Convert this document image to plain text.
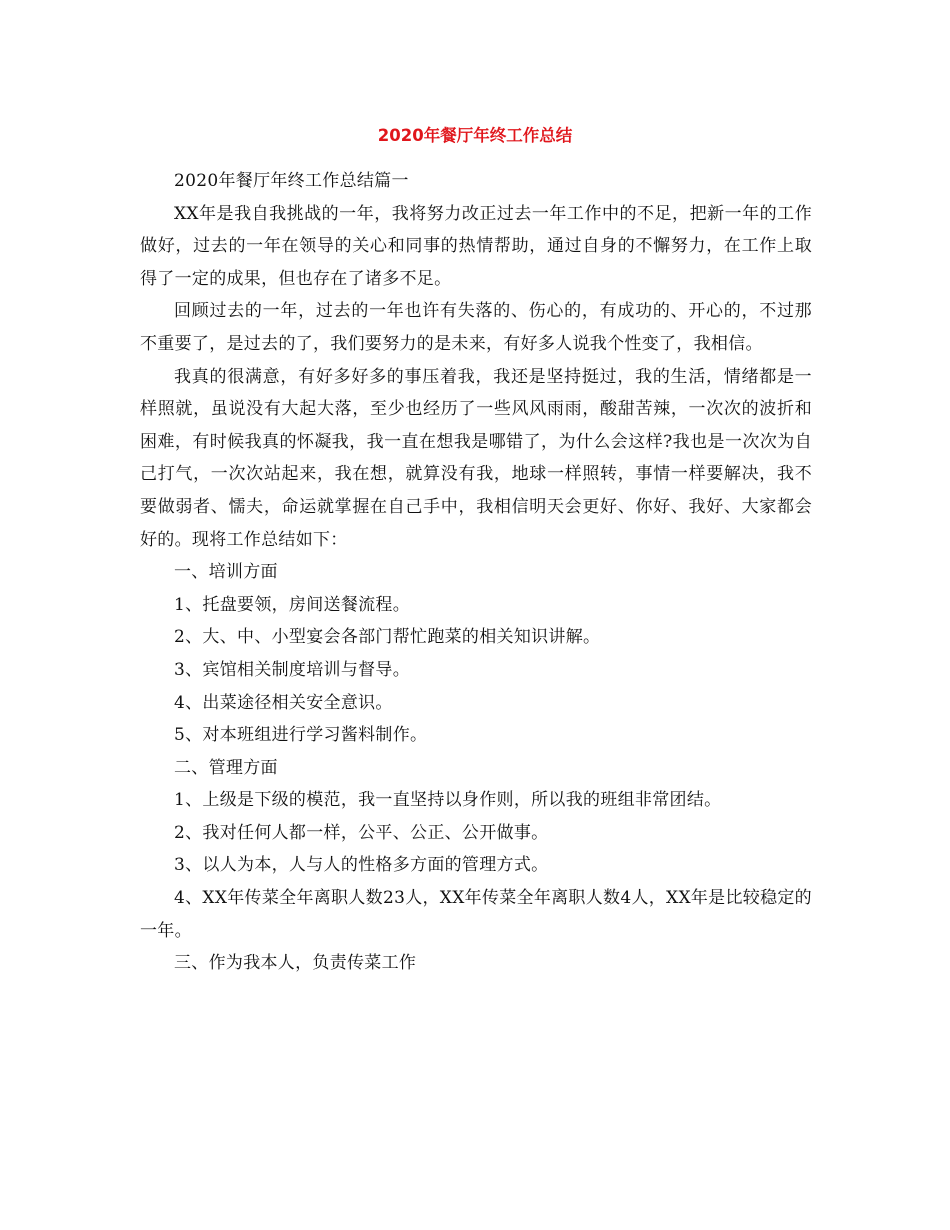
2020年餐厅年终工作总结

2020年餐厅年终工作总结篇一

XX年是我自我挑战的一年，我将努力改正过去一年工作中的不足，把新一年的工作做好，过去的一年在领导的关心和同事的热情帮助，通过自身的不懈努力，在工作上取得了一定的成果，但也存在了诸多不足。

回顾过去的一年，过去的一年也许有失落的、伤心的，有成功的、开心的，不过那不重要了，是过去的了，我们要努力的是未来，有好多人说我个性变了，我相信。

我真的很满意，有好多好多的事压着我，我还是坚持挺过，我的生活，情绪都是一样照就，虽说没有大起大落，至少也经历了一些风风雨雨，酸甜苦辣，一次次的波折和困难，有时候我真的怀凝我，我一直在想我是哪错了，为什么会这样?我也是一次次为自己打气，一次次站起来，我在想，就算没有我，地球一样照转，事情一样要解决，我不要做弱者、懦夫，命运就掌握在自己手中，我相信明天会更好、你好、我好、大家都会好的。现将工作总结如下：

一、培训方面

1、托盘要领，房间送餐流程。

2、大、中、小型宴会各部门帮忙跑菜的相关知识讲解。

3、宾馆相关制度培训与督导。

4、出菜途径相关安全意识。

5、对本班组进行学习酱料制作。

二、管理方面

1、上级是下级的模范，我一直坚持以身作则，所以我的班组非常团结。

2、我对任何人都一样，公平、公正、公开做事。

3、以人为本，人与人的性格多方面的管理方式。

4、XX年传菜全年离职人数23人，XX年传菜全年离职人数4人，XX年是比较稳定的一年。

三、作为我本人，负责传菜工作
